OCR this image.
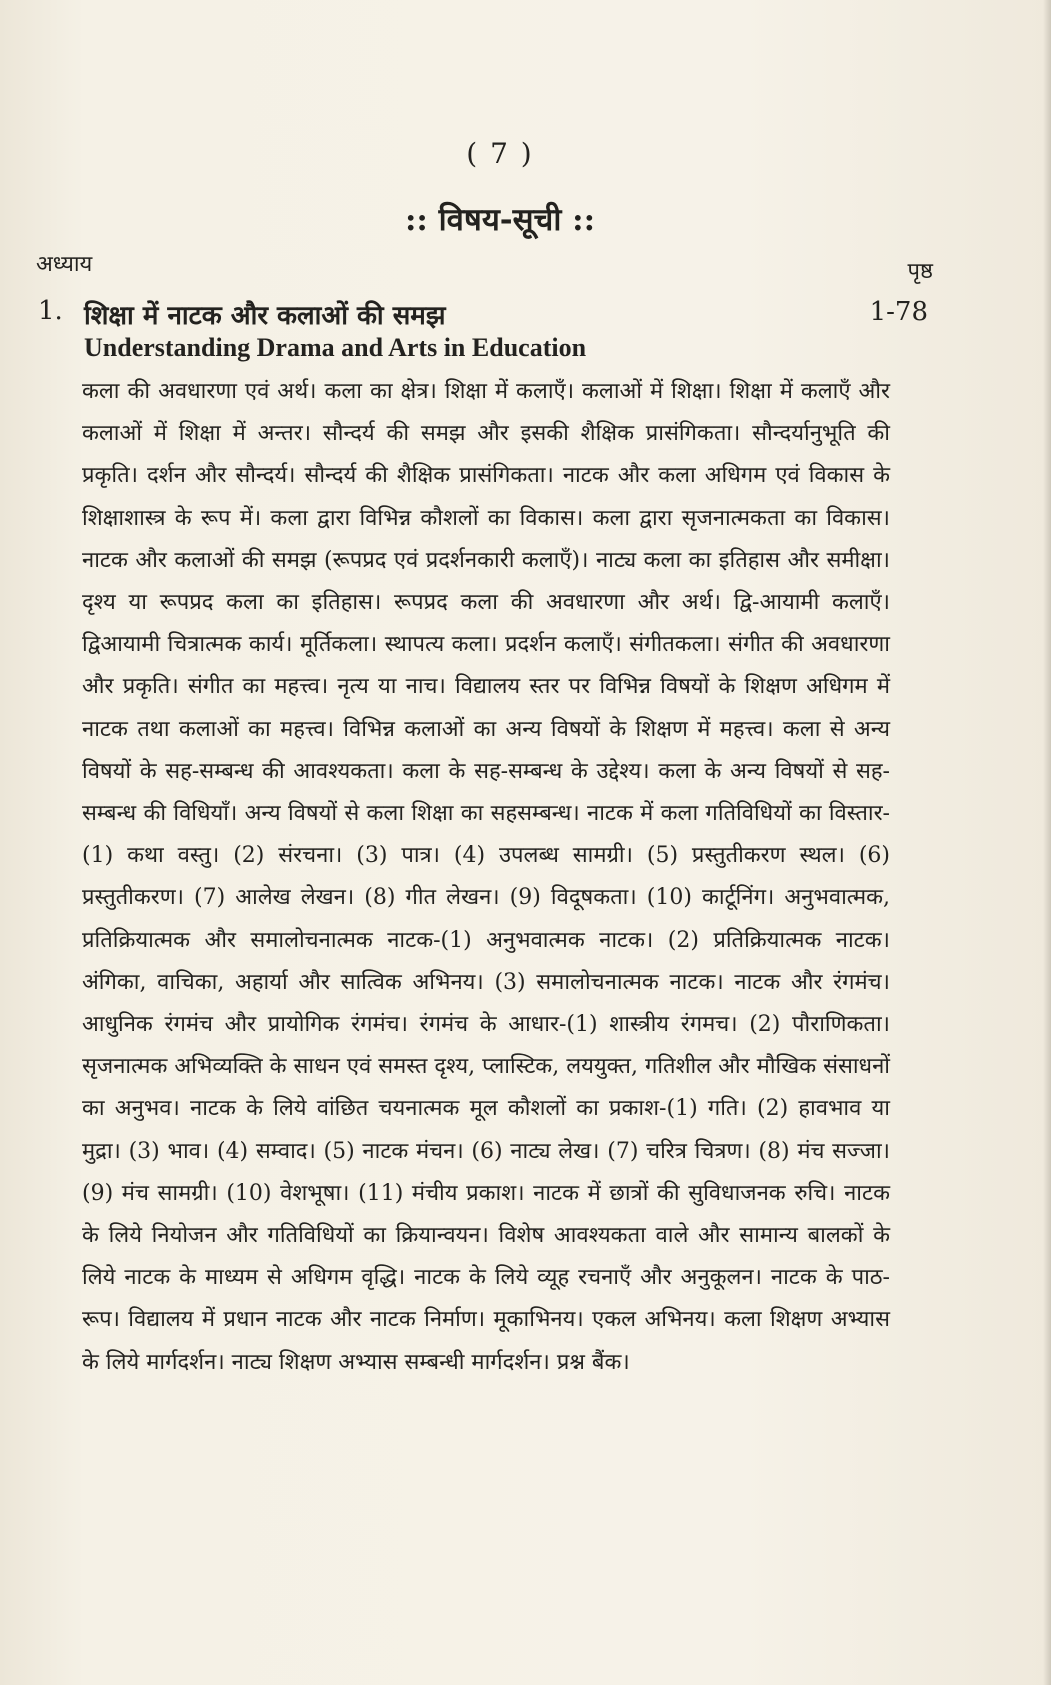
( 7 )
:: विषय-सूची ::
अध्याय	पृष्ठ
1. शिक्षा में नाटक और कलाओं की समझ	1-78
Understanding Drama and Arts in Education
कला की अवधारणा एवं अर्थ। कला का क्षेत्र। शिक्षा में कलाएँ। कलाओं में शिक्षा। शिक्षा में कलाएँ और कलाओं में शिक्षा में अन्तर। सौन्दर्य की समझ और इसकी शैक्षिक प्रासंगिकता। सौन्दर्यानुभूति की प्रकृति। दर्शन और सौन्दर्य। सौन्दर्य की शैक्षिक प्रासंगिकता। नाटक और कला अधिगम एवं विकास के शिक्षाशास्त्र के रूप में। कला द्वारा विभिन्न कौशलों का विकास। कला द्वारा सृजनात्मकता का विकास। नाटक और कलाओं की समझ (रूपप्रद एवं प्रदर्शनकारी कलाएँ)। नाट्य कला का इतिहास और समीक्षा। दृश्य या रूपप्रद कला का इतिहास। रूपप्रद कला की अवधारणा और अर्थ। द्वि-आयामी कलाएँ। द्विआयामी चित्रात्मक कार्य। मूर्तिकला। स्थापत्य कला। प्रदर्शन कलाएँ। संगीतकला। संगीत की अवधारणा और प्रकृति। संगीत का महत्त्व। नृत्य या नाच। विद्यालय स्तर पर विभिन्न विषयों के शिक्षण अधिगम में नाटक तथा कलाओं का महत्त्व। विभिन्न कलाओं का अन्य विषयों के शिक्षण में महत्त्व। कला से अन्य विषयों के सह-सम्बन्ध की आवश्यकता। कला के सह-सम्बन्ध के उद्देश्य। कला के अन्य विषयों से सह-सम्बन्ध की विधियाँ। अन्य विषयों से कला शिक्षा का सहसम्बन्ध। नाटक में कला गतिविधियों का विस्तार-(1) कथा वस्तु। (2) संरचना। (3) पात्र। (4) उपलब्ध सामग्री। (5) प्रस्तुतीकरण स्थल। (6) प्रस्तुतीकरण। (7) आलेख लेखन। (8) गीत लेखन। (9) विदूषकता। (10) कार्टूनिंग। अनुभवात्मक, प्रतिक्रियात्मक और समालोचनात्मक नाटक-(1) अनुभवात्मक नाटक। (2) प्रतिक्रियात्मक नाटक। अंगिका, वाचिका, अहार्या और सात्विक अभिनय। (3) समालोचनात्मक नाटक। नाटक और रंगमंच। आधुनिक रंगमंच और प्रायोगिक रंगमंच। रंगमंच के आधार-(1) शास्त्रीय रंगमच। (2) पौराणिकता। सृजनात्मक अभिव्यक्ति के साधन एवं समस्त दृश्य, प्लास्टिक, लययुक्त, गतिशील और मौखिक संसाधनों का अनुभव। नाटक के लिये वांछित चयनात्मक मूल कौशलों का प्रकाश-(1) गति। (2) हावभाव या मुद्रा। (3) भाव। (4) सम्वाद। (5) नाटक मंचन। (6) नाट्य लेख। (7) चरित्र चित्रण। (8) मंच सज्जा। (9) मंच सामग्री। (10) वेशभूषा। (11) मंचीय प्रकाश। नाटक में छात्रों की सुविधाजनक रुचि। नाटक के लिये नियोजन और गतिविधियों का क्रियान्वयन। विशेष आवश्यकता वाले और सामान्य बालकों के लिये नाटक के माध्यम से अधिगम वृद्धि। नाटक के लिये व्यूह रचनाएँ और अनुकूलन। नाटक के पाठ-रूप। विद्यालय में प्रधान नाटक और नाटक निर्माण। मूकाभिनय। एकल अभिनय। कला शिक्षण अभ्यास के लिये मार्गदर्शन। नाट्य शिक्षण अभ्यास सम्बन्धी मार्गदर्शन। प्रश्न बैंक।
